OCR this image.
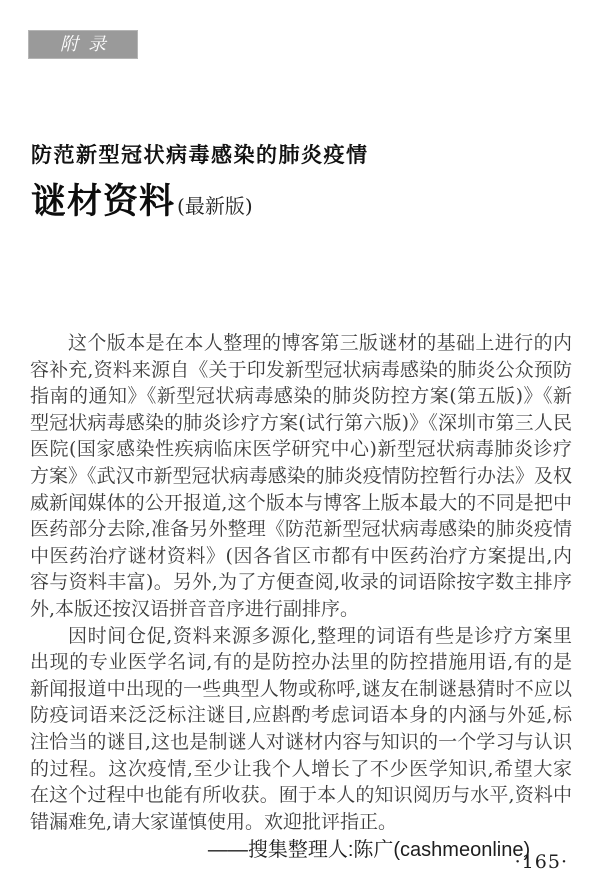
附录
防范新型冠状病毒感染的肺炎疫情
谜材资料 (最新版)

这个版本是在本人整理的博客第三版谜材的基础上进行的内容补充,资料来源自《关于印发新型冠状病毒感染的肺炎公众预防指南的通知》《新型冠状病毒感染的肺炎防控方案(第五版)》《新型冠状病毒感染的肺炎诊疗方案(试行第六版)》《深圳市第三人民医院(国家感染性疾病临床医学研究中心)新型冠状病毒肺炎诊疗方案》《武汉市新型冠状病毒感染的肺炎疫情防控暂行办法》及权威新闻媒体的公开报道,这个版本与博客上版本最大的不同是把中医药部分去除,准备另外整理《防范新型冠状病毒感染的肺炎疫情中医药治疗谜材资料》(因各省区市都有中医药治疗方案提出,内容与资料丰富)。另外,为了方便查阅,收录的词语除按字数主排序外,本版还按汉语拼音音序进行副排序。

因时间仓促,资料来源多源化,整理的词语有些是诊疗方案里出现的专业医学名词,有的是防控办法里的防控措施用语,有的是新闻报道中出现的一些典型人物或称呼,谜友在制谜悬猜时不应以防疫词语来泛泛标注谜目,应斟酌考虑词语本身的内涵与外延,标注恰当的谜目,这也是制谜人对谜材内容与知识的一个学习与认识的过程。这次疫情,至少让我个人增长了不少医学知识,希望大家在这个过程中也能有所收获。囿于本人的知识阅历与水平,资料中错漏难免,请大家谨慎使用。欢迎批评指正。

——搜集整理人:陈广(cashmeonline)

·165·
